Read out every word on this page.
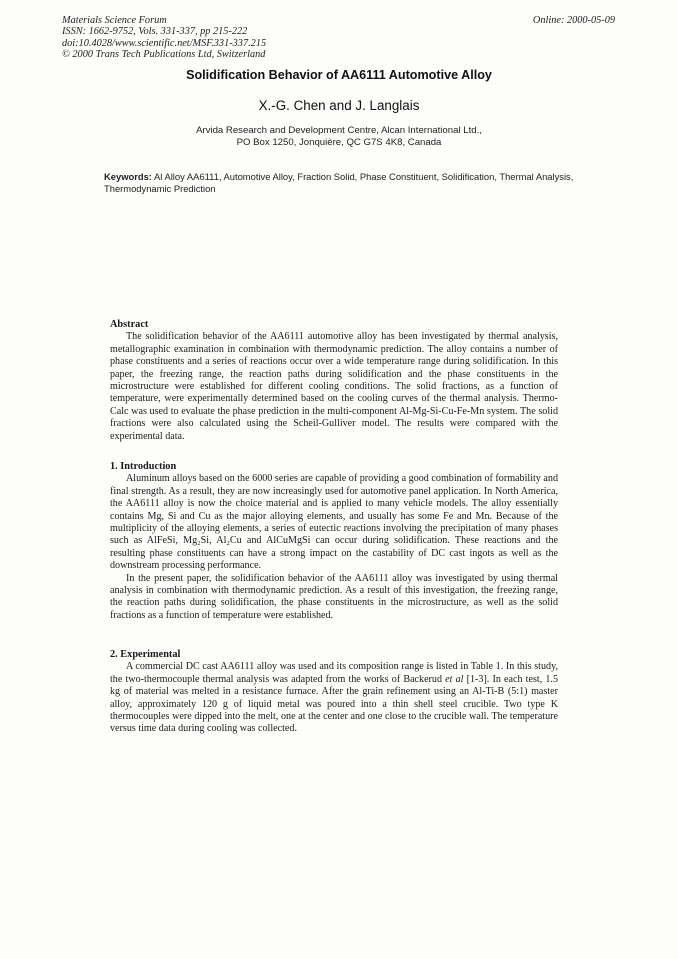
Materials Science Forum
ISSN: 1662-9752, Vols. 331-337, pp 215-222
doi:10.4028/www.scientific.net/MSF.331-337.215
© 2000 Trans Tech Publications Ltd, Switzerland
Online: 2000-05-09
Solidification Behavior of AA6111 Automotive Alloy
X.-G. Chen and J. Langlais
Arvida Research and Development Centre, Alcan International Ltd.,
PO Box 1250, Jonquière, QC G7S 4K8, Canada
Keywords: Al Alloy AA6111, Automotive Alloy, Fraction Solid, Phase Constituent, Solidification, Thermal Analysis, Thermodynamic Prediction
Abstract

The solidification behavior of the AA6111 automotive alloy has been investigated by thermal analysis, metallographic examination in combination with thermodynamic prediction. The alloy contains a number of phase constituents and a series of reactions occur over a wide temperature range during solidification. In this paper, the freezing range, the reaction paths during solidification and the phase constituents in the microstructure were established for different cooling conditions. The solid fractions, as a function of temperature, were experimentally determined based on the cooling curves of the thermal analysis. Thermo-Calc was used to evaluate the phase prediction in the multi-component Al-Mg-Si-Cu-Fe-Mn system. The solid fractions were also calculated using the Scheil-Gulliver model. The results were compared with the experimental data.

1. Introduction

Aluminum alloys based on the 6000 series are capable of providing a good combination of formability and final strength. As a result, they are now increasingly used for automotive panel application. In North America, the AA6111 alloy is now the choice material and is applied to many vehicle models. The alloy essentially contains Mg, Si and Cu as the major alloying elements, and usually has some Fe and Mn. Because of the multiplicity of the alloying elements, a series of eutectic reactions involving the precipitation of many phases such as AlFeSi, Mg₂Si, Al₂Cu and AlCuMgSi can occur during solidification. These reactions and the resulting phase constituents can have a strong impact on the castability of DC cast ingots as well as the downstream processing performance.

In the present paper, the solidification behavior of the AA6111 alloy was investigated by using thermal analysis in combination with thermodynamic prediction. As a result of this investigation, the freezing range, the reaction paths during solidification, the phase constituents in the microstructure, as well as the solid fractions as a function of temperature were established.

2. Experimental

A commercial DC cast AA6111 alloy was used and its composition range is listed in Table 1. In this study, the two-thermocouple thermal analysis was adapted from the works of Backerud et al [1-3]. In each test, 1.5 kg of material was melted in a resistance furnace. After the grain refinement using an Al-Ti-B (5:1) master alloy, approximately 120 g of liquid metal was poured into a thin shell steel crucible. Two type K thermocouples were dipped into the melt, one at the center and one close to the crucible wall. The temperature versus time data during cooling was collected.
